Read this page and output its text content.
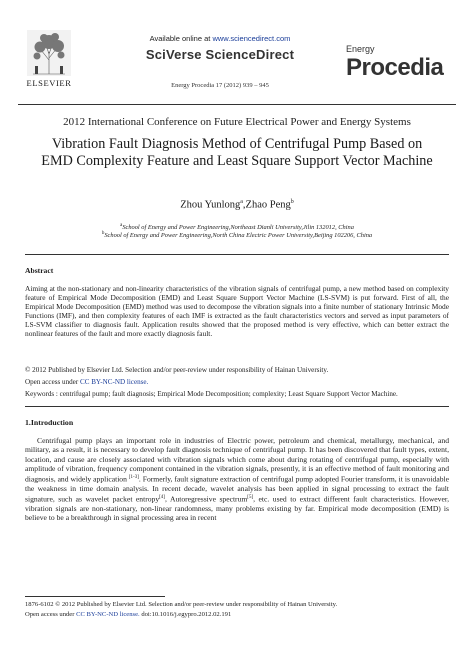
ELSEVIER
Available online at www.sciencedirect.com
SciVerse ScienceDirect
Energy Procedia 17 (2012) 939 – 945
Energy
Procedia
2012 International Conference on Future Electrical Power and Energy Systems
Vibration Fault Diagnosis Method of Centrifugal Pump Based on EMD Complexity Feature and Least Square Support Vector Machine
Zhou Yunlong$^a$,Zhao Peng$^b$
$^a$School of Energy and Power Engineering,Northeast Dianli University,Jilin 132012, China
$^b$School of Energy and Power Engineering,North China Electric Power University,Beijing 102206, China
Abstract
Aiming at the non-stationary and non-linearity characteristics of the vibration signals of centrifugal pump, a new method based on complexity feature of Empirical Mode Decomposition (EMD) and Least Square Support Vector Machine (LS-SVM) is put forward. First of all, the Empirical Mode Decomposition (EMD) method was used to decompose the vibration signals into a finite number of stationary Intrinsic Mode Functions (IMF), and then complexity features of each IMF is extracted as the fault characteristics vectors and served as input parameters of LS-SVM classifier to diagnosis fault. Application results showed that the proposed method is very effective, which can better extract the nonlinear features of the fault and more exactly diagnosis fault.
© 2012 Published by Elsevier Ltd. Selection and/or peer-review under responsibility of Hainan University.
Open access under CC BY-NC-ND license.
Keywords : centrifugal pump; fault diagnosis; Empirical Mode Decomposition; complexity; Least Square Support Vector Machine.
1.Introduction
Centrifugal pump plays an important role in industries of Electric power, petroleum and chemical, metallurgy, mechanical, and military, as a result, it is necessary to develop fault diagnosis technique of centrifugal pump. It has been discovered that fault types, extent, location, and cause are closely associated with vibration signals which come about during rotating of centrifugal pump, especially with amplitude of vibration, frequency component contained in the vibration signals, presently, it is an effective method of fault monitoring and diagnosis, and widely application [1-3]. Formerly, fault signature extraction of centrifugal pump adopted Fourier transform, it is unavoidable the weakness in time domain analysis. In recent decade, wavelet analysis has been applied in signal processing to extract the fault signature, such as wavelet packet entropy[4], Autoregressive spectrum[5], etc. used to extract different fault characteristics. However, vibration signals are non-stationary, non-linear randomness, many problems existing by far. Empirical mode decomposition (EMD) is believe to be a breakthrough in signal processing area in recent
1876-6102 © 2012 Published by Elsevier Ltd. Selection and/or peer-review under responsibility of Hainan University.
Open access under CC BY-NC-ND license. doi:10.1016/j.egypro.2012.02.191
